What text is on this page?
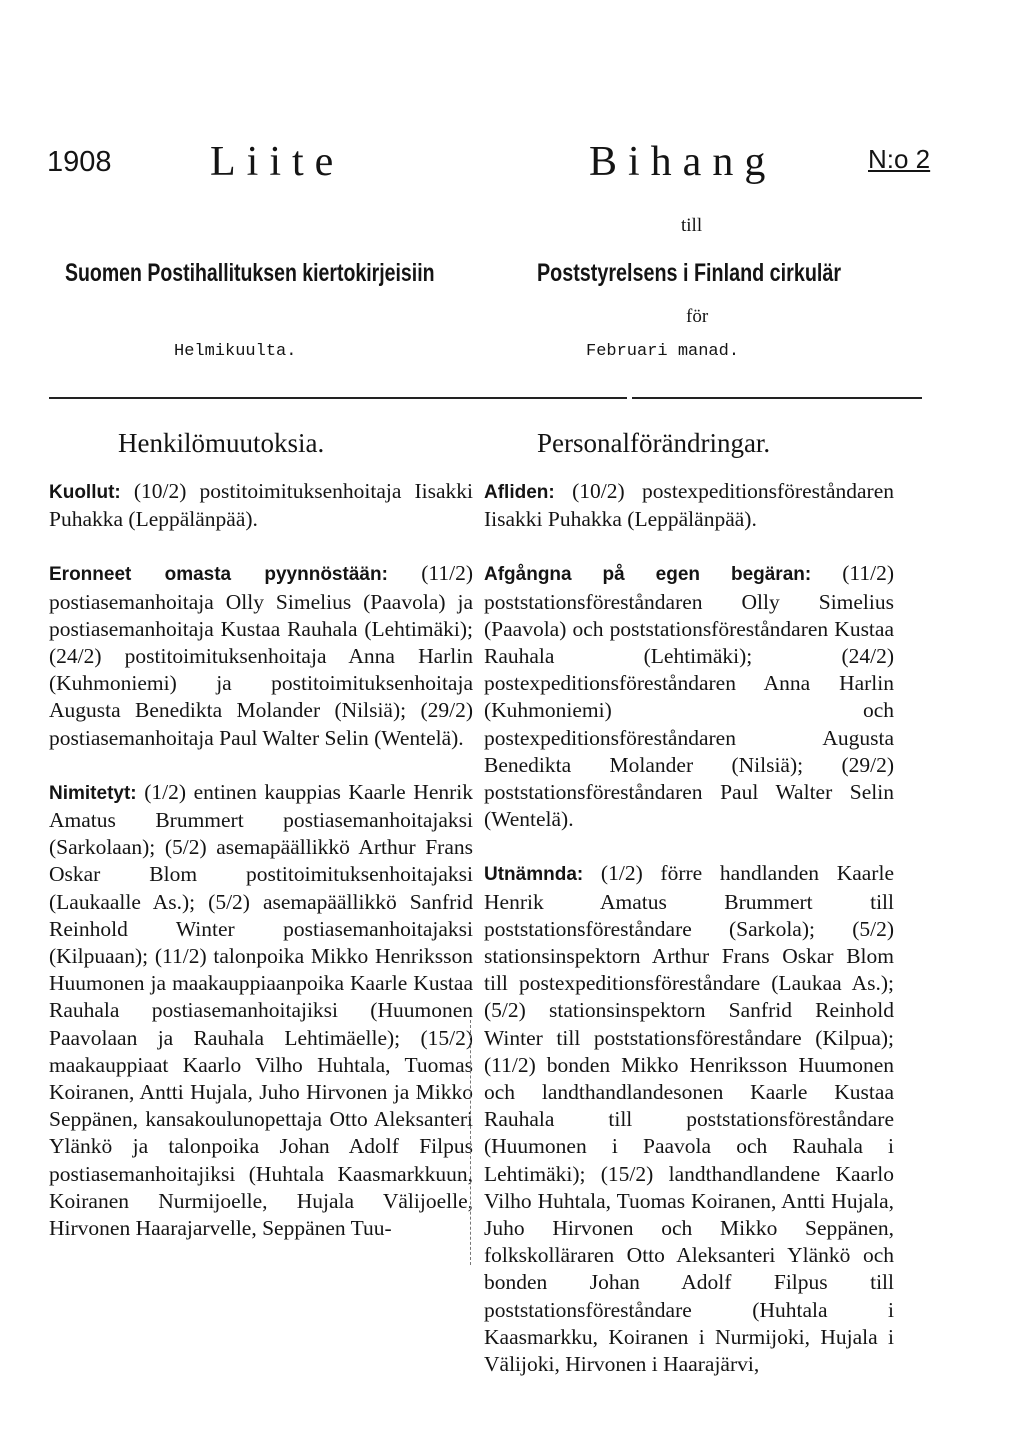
1908 Liite	Bihang	N:o 2
till
Suomen Postihallituksen kiertokirjeisiin	Poststyrelsens i Finland cirkulär
för
Helmikuulta.	Februari manad.
Henkilömuutoksia.	Personalförändringar.

Kuollut: (10/2) postitoimituksenhoitaja Iisakki Puhakka (Leppälänpää).

Eronneet omasta pyynnöstään: (11/2) postiasemanhoitaja Olly Simelius (Paavola) ja postiasemanhoitaja Kustaa Rauhala (Lehtimäki); (24/2) postitoimituksenhoitaja Anna Harlin (Kuhmoniemi) ja postitoimituksenhoitaja Augusta Benedikta Molander (Nilsiä); (29/2) postiasemanhoitaja Paul Walter Selin (Wentelä).

Nimitetyt: (1/2) entinen kauppias Kaarle Henrik Amatus Brummert postiasemanhoitajaksi (Sarkolaan); (5/2) asemapäällikkö Arthur Frans Oskar Blom postitoimituksenhoitajaksi (Laukaalle As.); (5/2) asemapäällikkö Sanfrid Reinhold Winter postiasemanhoitajaksi (Kilpuaan); (11/2) talonpoika Mikko Henriksson Huumonen ja maakauppiaanpoika Kaarle Kustaa Rauhala postiasemanhoitajiksi (Huumonen Paavolaan ja Rauhala Lehtimäelle); (15/2) maakauppiaat Kaarlo Vilho Huhtala, Tuomas Koiranen, Antti Hujala, Juho Hirvonen ja Mikko Seppänen, kansakoulunopettaja Otto Aleksanteri Ylänkö ja talonpoika Johan Adolf Filpus postiasemanhoitajiksi (Huhtala Kaasmarkkuun, Koiranen Nurmijoelle, Hujala Välijoelle, Hirvonen Haarajarvelle, Seppänen Tuu-

Afliden: (10/2) postexpeditionsföreståndaren Iisakki Puhakka (Leppälänpää).

Afgångna på egen begäran: (11/2) poststationsföreståndaren Olly Simelius (Paavola) och poststationsföreståndaren Kustaa Rauhala (Lehtimäki); (24/2) postexpeditionsföreståndaren Anna Harlin (Kuhmoniemi) och postexpeditionsföreståndaren Augusta Benedikta Molander (Nilsiä); (29/2) poststationsföreståndaren Paul Walter Selin (Wentelä).

Utnämnda: (1/2) förre handlanden Kaarle Henrik Amatus Brummert till poststationsföreståndare (Sarkola); (5/2) stationsinspektorn Arthur Frans Oskar Blom till postexpeditionsföreståndare (Laukaa As.); (5/2) stationsinspektorn Sanfrid Reinhold Winter till poststationsföreståndare (Kilpua); (11/2) bonden Mikko Henriksson Huumonen och landthandlandesonen Kaarle Kustaa Rauhala till poststationsföreståndare (Huumonen i Paavola och Rauhala i Lehtimäki); (15/2) landthandlandene Kaarlo Vilho Huhtala, Tuomas Koiranen, Antti Hujala, Juho Hirvonen och Mikko Seppänen, folkskolläraren Otto Aleksanteri Ylänkö och bonden Johan Adolf Filpus till poststationsföreståndare (Huhtala i Kaasmarkku, Koiranen i Nurmijoki, Hujala i Välijoki, Hirvonen i Haarajärvi,
